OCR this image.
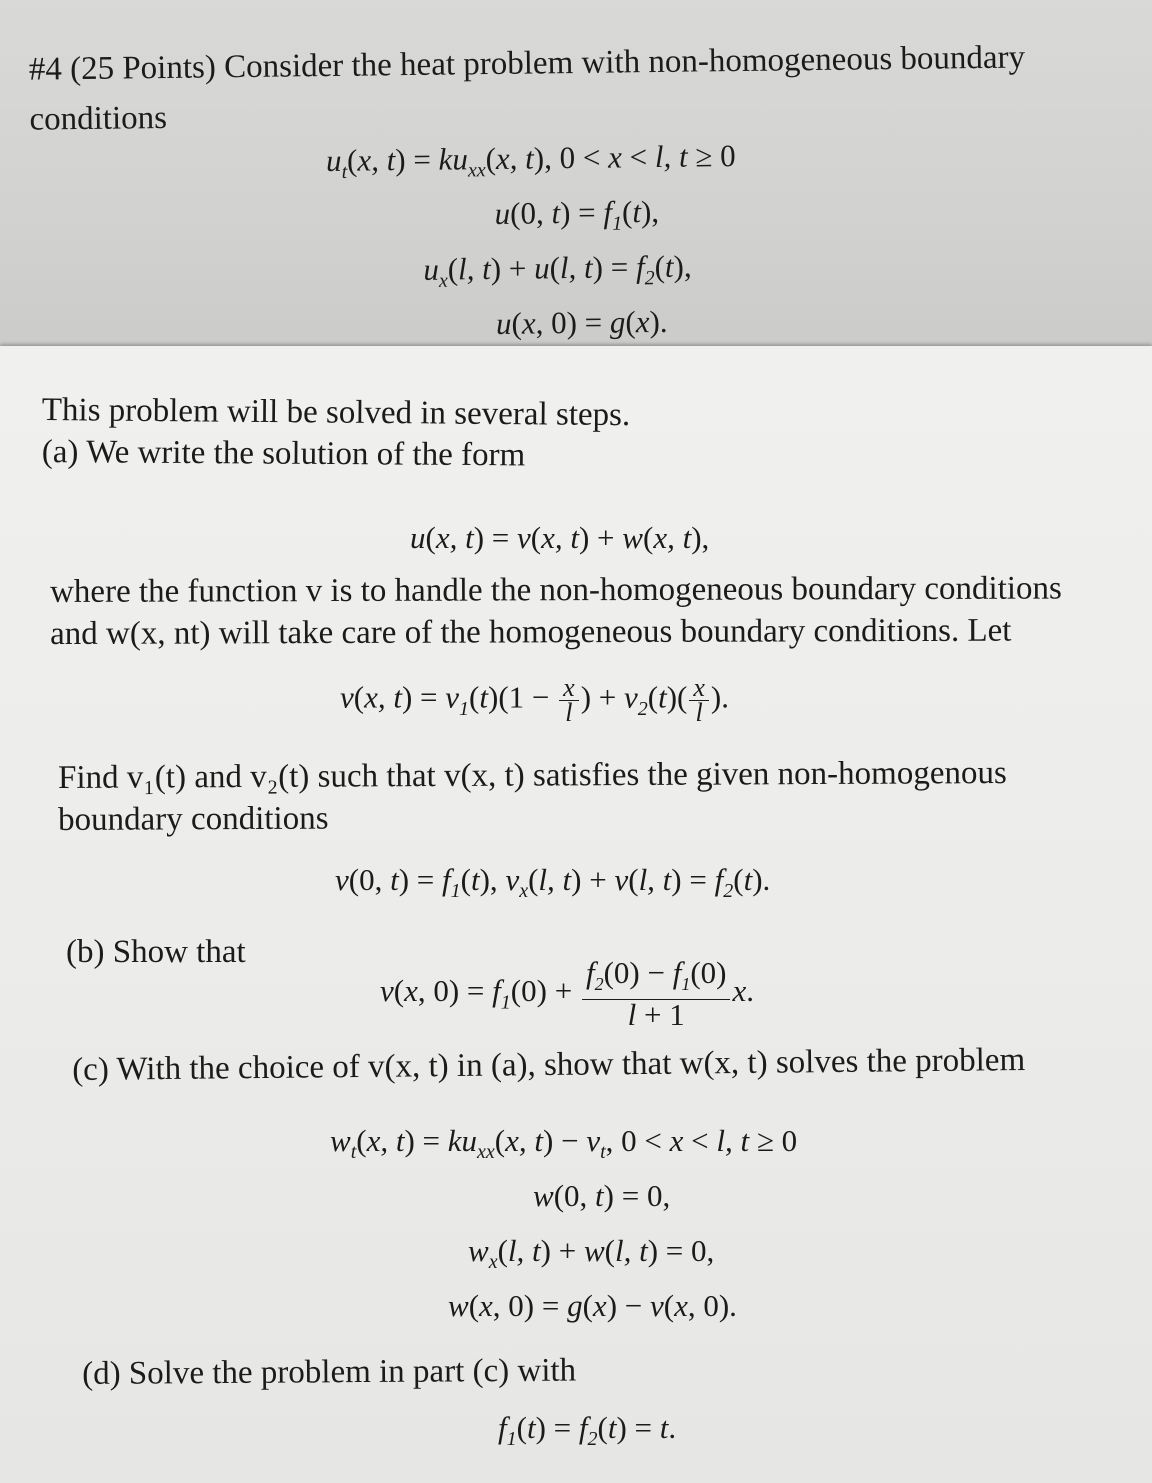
#4 (25 Points) Consider the heat problem with non-homogeneous boundary
conditions
$u_t(x$, $t) = ku_{xx}(x$, t), 0 < x < l, t ≥ 0
u(0, $t) = f_1(t)$,
$u_x(l$, t) + u(l, $t) = f_2(t)$,
u(x, 0) = g(x).
This problem will be solved in several steps.
(a) We write the solution of the form
u(x, t) = v(x, t) + w(x, t),
where the function v is to handle the non-homogeneous boundary conditions
and w(x, nt) will take care of the homogeneous boundary conditions. Let
v(x, $t) = v_1(t)(1 - \frac{x}{l}$ ) + $v_2(t)( \frac{x}{l}$ ).
Find v₁(t) and v₂(t) such that v(x, t) satisfies the given non-homogenous
boundary conditions
v(0, $t) = f_1(t)$, $v_x(l$, t) + v(l, $t) = f_2(t)$.
(b) Show that
v(x, $0) = f_1(0) + \frac{f_2(0) - f_1(0)}{l + 1} x$.
(c) With the choice of v(x, t) in (a), show that w(x, t) solves the problem
$w_t(x$, $t) = ku_{xx}(x$, $t) - v_t$, 0 < x < l, t ≥ 0
w(0, t) = 0,
$w_x(l$, t) + w(l, t) = 0,
w(x, 0) = g(x) − v(x, 0).
(d) Solve the problem in part (c) with
$f_1(t) = f_2(t) = t$.
